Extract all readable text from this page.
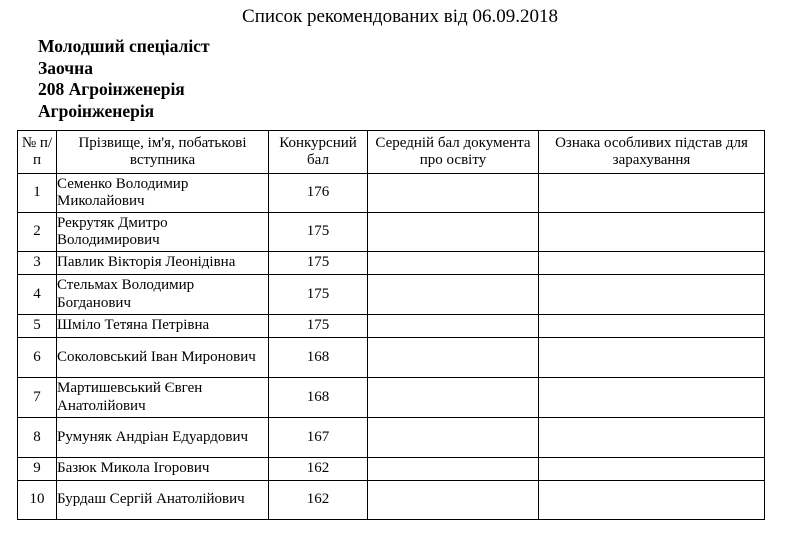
Список рекомендованих від 06.09.2018
Молодший спеціаліст
Заочна
208 Агроінженерія
Агроінженерія
№ п/п	Прізвище, ім'я, побатькові вступника	Конкурсний бал	Середній бал документа про освіту	Ознака особливих підстав для зарахування
1	Семенко Володимир Миколайович	176		
2	Рекрутяк Дмитро Володимирович	175		
3	Павлик Вікторія Леонідівна	175		
4	Стельмах Володимир Богданович	175		
5	Шміло Тетяна Петрівна	175		
6	Соколовський Іван Миронович	168		
7	Мартишевський Євген Анатолійович	168		
8	Румуняк Андріан Едуардович	167		
9	Базюк Микола Ігорович	162		
10	Бурдаш Сергій Анатолійович	162		
